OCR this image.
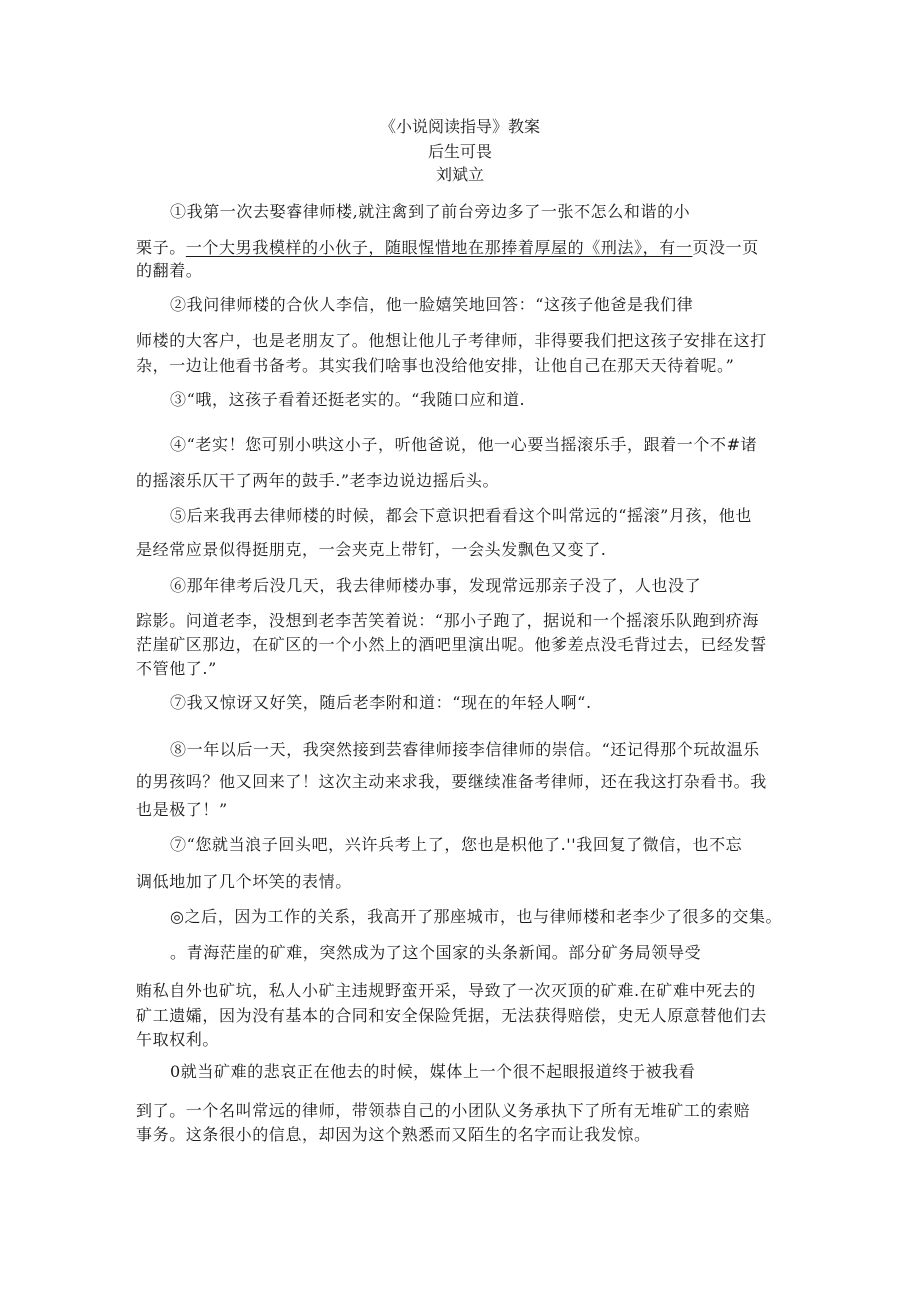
《小说阅读指导》教案
后生可畏
刘斌立
①我第一次去娶睿律师楼,就注禽到了前台旁边多了一张不怎么和谐的小
栗子。一个大男我模样的小伙子，随眼惺惜地在那捧着厚屋的《刑法》，有一页没一页
的翻着。
②我问律师楼的合伙人李信，他一脸嬉笑地回答：“这孩子他爸是我们律
师楼的大客户，也是老朋友了。他想让他儿子考律师，非得要我们把这孩子安排在这打
杂，一边让他看书备考。其实我们啥事也没给他安排，让他自己在那天天待着呢。”
③“哦，这孩子看着还挺老实的。“我随口应和道.
④“老实！您可别小哄这小子，听他爸说，他一心要当摇滚乐手，跟着一个不#诸
的摇滚乐仄干了两年的鼓手.”老李边说边摇后头。
⑤后来我再去律师楼的时候，都会下意识把看看这个叫常远的“摇滚”月孩，他也
是经常应景似得挺朋克，一会夹克上带钉，一会头发飘色又变了.
⑥那年律考后没几天，我去律师楼办事，发现常远那亲子没了，人也没了
踪影。问道老李，没想到老李苦笑着说：“那小子跑了，据说和一个摇滚乐队跑到疥海
茫崖矿区那边，在矿区的一个小然上的酒吧里演出呢。他爹差点没毛背过去，已经发誓
不管他了.”
⑦我又惊讶又好笑，随后老李附和道：“现在的年轻人啊“.
⑧一年以后一天，我突然接到芸睿律师接李信律师的崇信。“还记得那个玩故温乐
的男孩吗？他又回来了！这次主动来求我，要继续准备考律师，还在我这打杂看书。我
也是极了！”
⑦“您就当浪子回头吧，兴许兵考上了，您也是枳他了.''我回复了微信，也不忘
调低地加了几个坏笑的表情。
◎之后，因为工作的关系，我高开了那座城市，也与律师楼和老李少了很多的交集。
。青海茫崖的矿难，突然成为了这个国家的头条新闻。部分矿务局领导受
贿私自外也矿坑，私人小矿主违规野蛮开采，导致了一次灭顶的矿难.在矿难中死去的
矿工遗孀，因为没有基本的合同和安全保险凭据，无法获得赔偿，史无人原意替他们去
午取权利。
0就当矿难的悲哀正在他去的时候，媒体上一个很不起眼报道终于被我看
到了。一个名叫常远的律师，带领恭自己的小团队义务承执下了所有无堆矿工的索赔
事务。这条很小的信息，却因为这个熟悉而又陌生的名字而让我发惊。
